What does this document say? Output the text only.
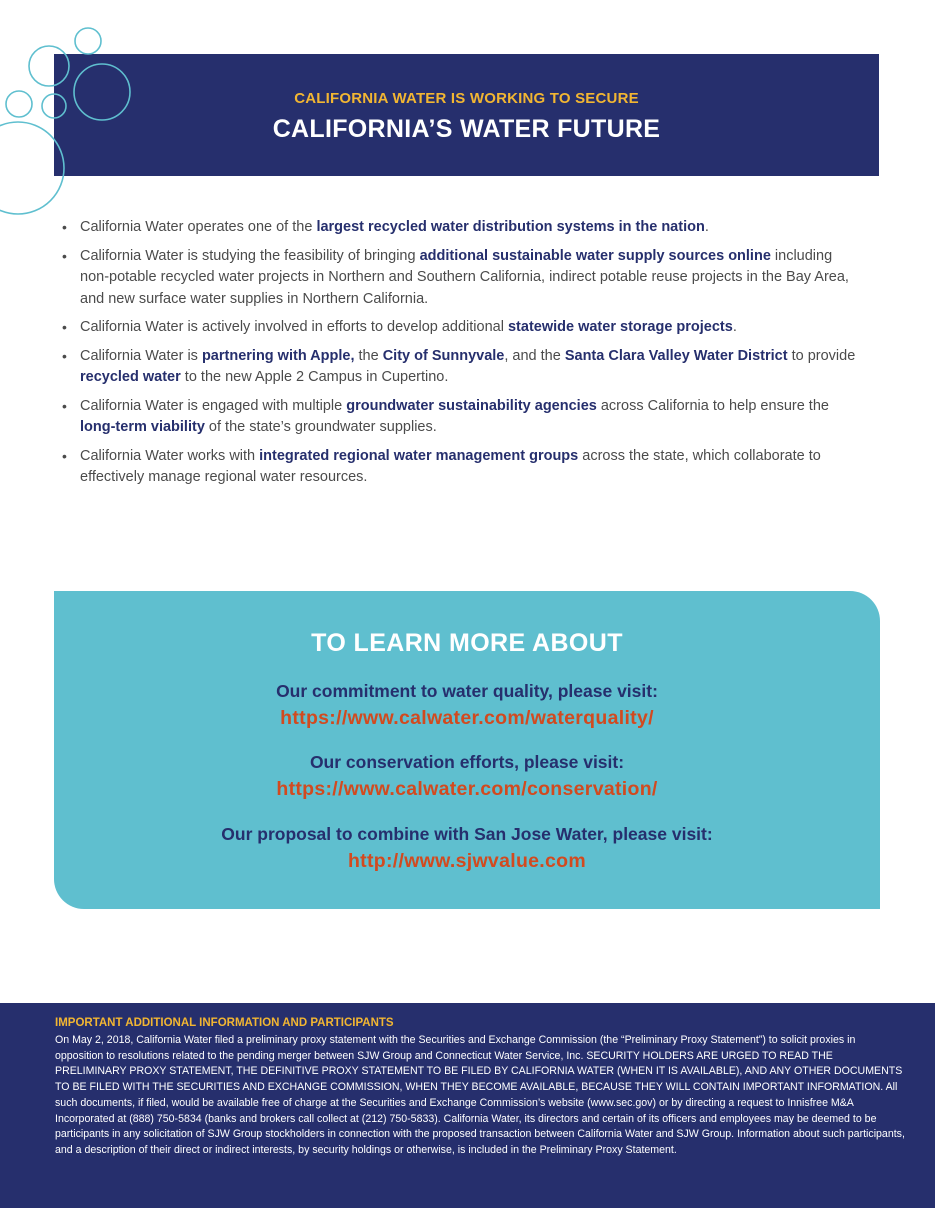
CALIFORNIA WATER IS WORKING TO SECURE
CALIFORNIA’S WATER FUTURE
• California Water operates one of the largest recycled water distribution systems in the nation.
• California Water is studying the feasibility of bringing additional sustainable water supply sources online including non-potable recycled water projects in Northern and Southern California, indirect potable reuse projects in the Bay Area, and new surface water supplies in Northern California.
• California Water is actively involved in efforts to develop additional statewide water storage projects.
• California Water is partnering with Apple, the City of Sunnyvale, and the Santa Clara Valley Water District to provide recycled water to the new Apple 2 Campus in Cupertino.
• California Water is engaged with multiple groundwater sustainability agencies across California to help ensure the long-term viability of the state’s groundwater supplies.
• California Water works with integrated regional water management groups across the state, which collaborate to effectively manage regional water resources.
TO LEARN MORE ABOUT
Our commitment to water quality, please visit:
https://www.calwater.com/waterquality/
Our conservation efforts, please visit:
https://www.calwater.com/conservation/
Our proposal to combine with San Jose Water, please visit:
http://www.sjwvalue.com
IMPORTANT ADDITIONAL INFORMATION AND PARTICIPANTS
On May 2, 2018, California Water filed a preliminary proxy statement with the Securities and Exchange Commission (the “Preliminary Proxy Statement”) to solicit proxies in opposition to resolutions related to the pending merger between SJW Group and Connecticut Water Service, Inc. SECURITY HOLDERS ARE URGED TO READ THE PRELIMINARY PROXY STATEMENT, THE DEFINITIVE PROXY STATEMENT TO BE FILED BY CALIFORNIA WATER (WHEN IT IS AVAILABLE), AND ANY OTHER DOCUMENTS TO BE FILED WITH THE SECURITIES AND EXCHANGE COMMISSION, WHEN THEY BECOME AVAILABLE, BECAUSE THEY WILL CONTAIN IMPORTANT INFORMATION. All such documents, if filed, would be available free of charge at the Securities and Exchange Commission’s website (www.sec.gov) or by directing a request to Innisfree M&A Incorporated at (888) 750-5834 (banks and brokers call collect at (212) 750-5833). California Water, its directors and certain of its officers and employees may be deemed to be participants in any solicitation of SJW Group stockholders in connection with the proposed transaction between California Water and SJW Group. Information about such participants, and a description of their direct or indirect interests, by security holdings or otherwise, is included in the Preliminary Proxy Statement.
